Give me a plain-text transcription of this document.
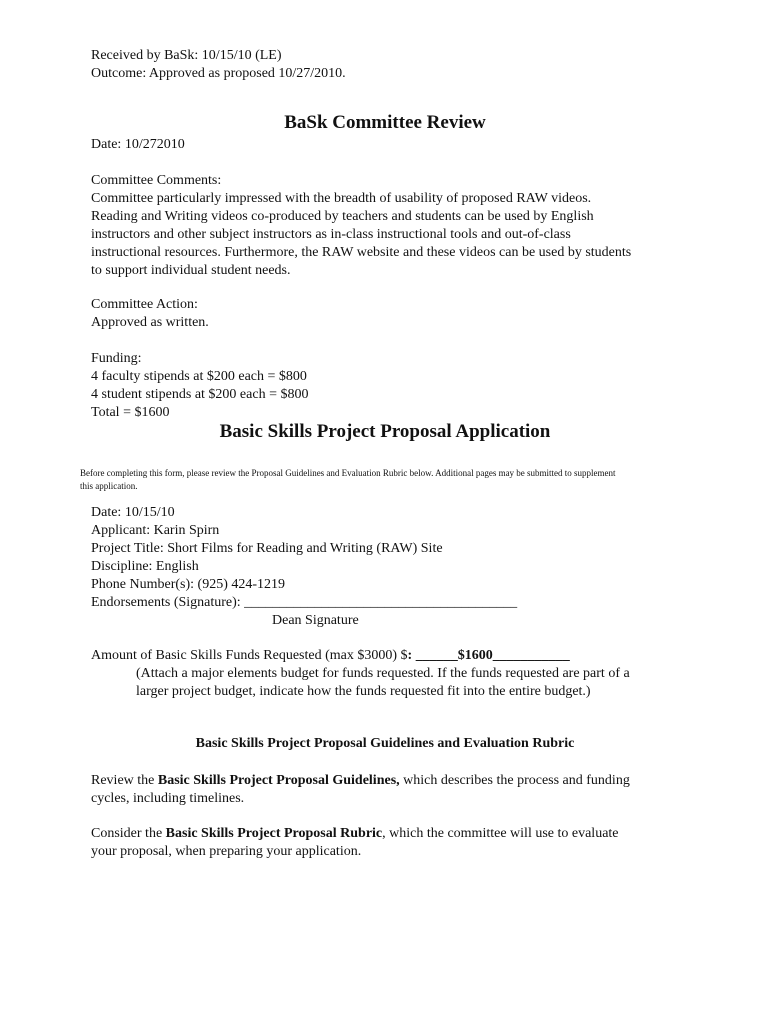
Received by BaSk: 10/15/10 (LE)
Outcome: Approved as proposed 10/27/2010.
BaSk Committee Review
Date: 10/272010
Committee Comments:
Committee particularly impressed with the breadth of usability of proposed RAW videos.
Reading and Writing videos co-produced by teachers and students can be used by English
instructors and other subject instructors as in-class instructional tools and out-of-class
instructional resources. Furthermore, the RAW website and these videos can be used by students
to support individual student needs.
Committee Action:
Approved as written.
Funding:
4 faculty stipends at $200 each = $800
4 student stipends at $200 each = $800
Total = $1600
Basic Skills Project Proposal Application
Before completing this form, please review the Proposal Guidelines and Evaluation Rubric below. Additional pages may be submitted to supplement
this application.
Date: 10/15/10
Applicant: Karin Spirn
Project Title: Short Films for Reading and Writing (RAW) Site
Discipline: English
Phone Number(s): (925) 424-1219
Endorsements (Signature): _______________________________________
Dean Signature
Amount of Basic Skills Funds Requested (max $3000) $: ______$1600___________
(Attach a major elements budget for funds requested. If the funds requested are part of a
larger project budget, indicate how the funds requested fit into the entire budget.)
Basic Skills Project Proposal Guidelines and Evaluation Rubric
Review the Basic Skills Project Proposal Guidelines, which describes the process and funding
cycles, including timelines.
Consider the Basic Skills Project Proposal Rubric, which the committee will use to evaluate
your proposal, when preparing your application.
